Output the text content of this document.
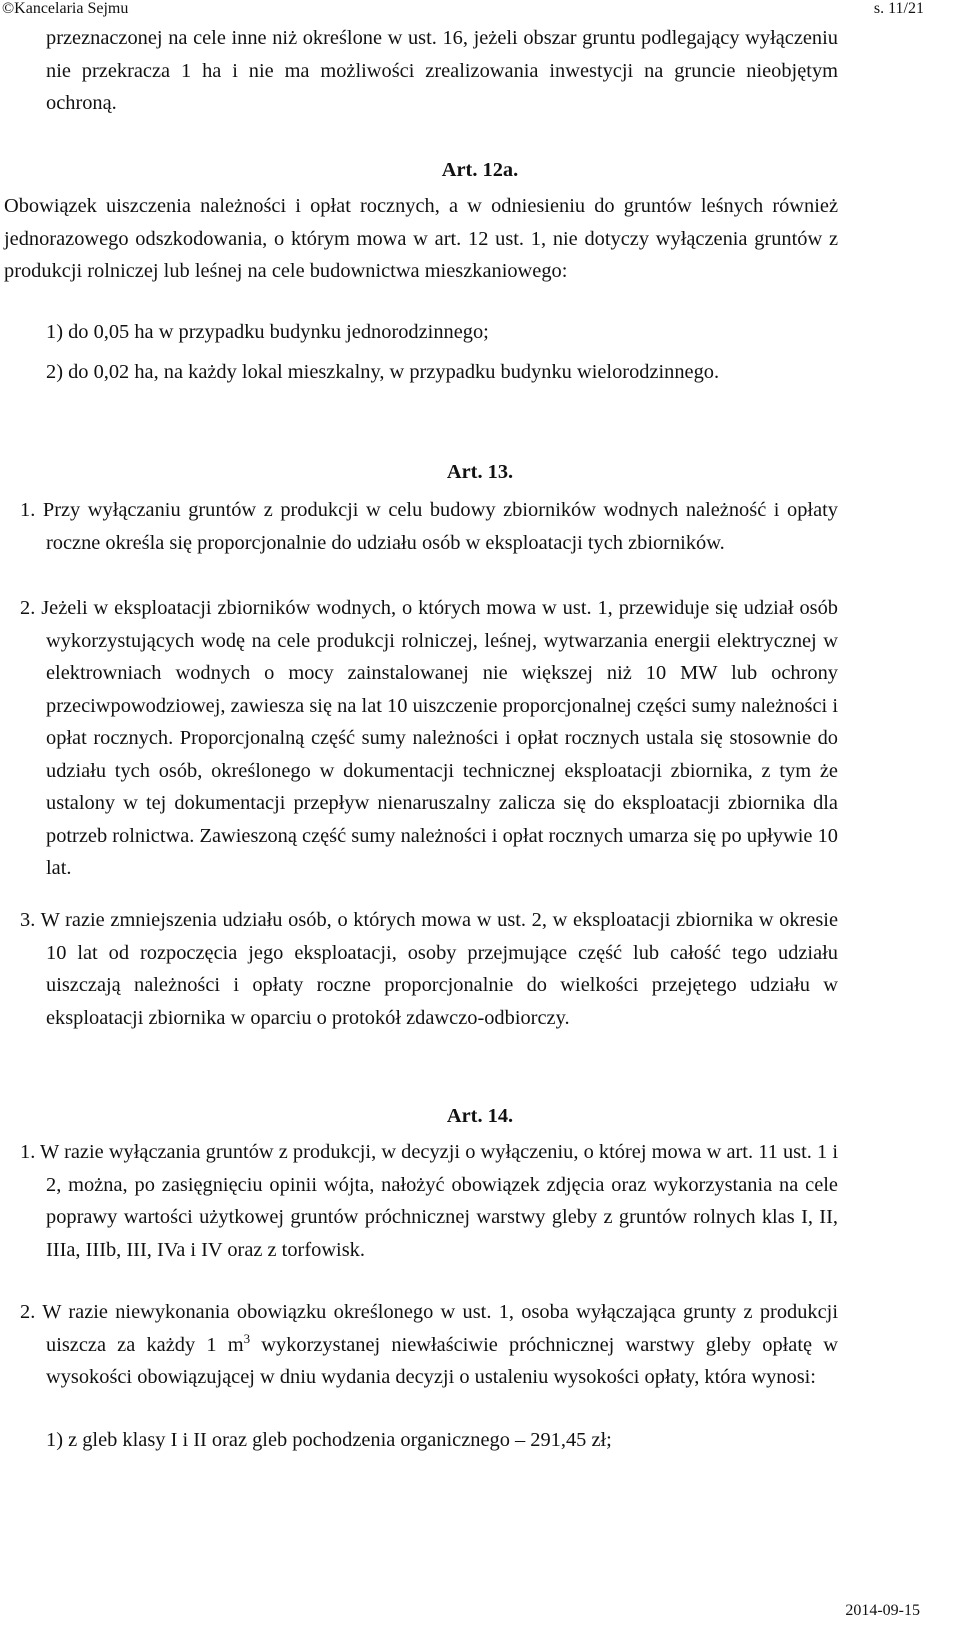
©Kancelaria Sejmu	s. 11/21
przeznaczonej na cele inne niż określone w ust. 16, jeżeli obszar gruntu podlegający wyłączeniu nie przekracza 1 ha i nie ma możliwości zrealizowania inwestycji na gruncie nieobjętym ochroną.
Art. 12a.
Obowiązek uiszczenia należności i opłat rocznych, a w odniesieniu do gruntów leśnych również jednorazowego odszkodowania, o którym mowa w art. 12 ust. 1, nie dotyczy wyłączenia gruntów z produkcji rolniczej lub leśnej na cele budownictwa mieszkaniowego:
1) do 0,05 ha w przypadku budynku jednorodzinnego;
2) do 0,02 ha, na każdy lokal mieszkalny, w przypadku budynku wielorodzinnego.
Art. 13.
1. Przy wyłączaniu gruntów z produkcji w celu budowy zbiorników wodnych należność i opłaty roczne określa się proporcjonalnie do udziału osób w eksploatacji tych zbiorników.
2. Jeżeli w eksploatacji zbiorników wodnych, o których mowa w ust. 1, przewiduje się udział osób wykorzystujących wodę na cele produkcji rolniczej, leśnej, wytwarzania energii elektrycznej w elektrowniach wodnych o mocy zainstalowanej nie większej niż 10 MW lub ochrony przeciwpowodziowej, zawiesza się na lat 10 uiszczenie proporcjonalnej części sumy należności i opłat rocznych. Proporcjonalną część sumy należności i opłat rocznych ustala się stosownie do udziału tych osób, określonego w dokumentacji technicznej eksploatacji zbiornika, z tym że ustalony w tej dokumentacji przepływ nienaruszalny zalicza się do eksploatacji zbiornika dla potrzeb rolnictwa. Zawieszoną część sumy należności i opłat rocznych umarza się po upływie 10 lat.
3. W razie zmniejszenia udziału osób, o których mowa w ust. 2, w eksploatacji zbiornika w okresie 10 lat od rozpoczęcia jego eksploatacji, osoby przejmujące część lub całość tego udziału uiszczają należności i opłaty roczne proporcjonalnie do wielkości przejętego udziału w eksploatacji zbiornika w oparciu o protokół zdawczo-odbiorczy.
Art. 14.
1. W razie wyłączania gruntów z produkcji, w decyzji o wyłączeniu, o której mowa w art. 11 ust. 1 i 2, można, po zasięgnięciu opinii wójta, nałożyć obowiązek zdjęcia oraz wykorzystania na cele poprawy wartości użytkowej gruntów próchnicznej warstwy gleby z gruntów rolnych klas I, II, IIIa, IIIb, III, IVa i IV oraz z torfowisk.
2. W razie niewykonania obowiązku określonego w ust. 1, osoba wyłączająca grunty z produkcji uiszcza za każdy 1 $m^3$ wykorzystanej niewłaściwie próchnicznej warstwy gleby opłatę w wysokości obowiązującej w dniu wydania decyzji o ustaleniu wysokości opłaty, która wynosi:
1) z gleb klasy I i II oraz gleb pochodzenia organicznego – 291,45 zł;
2014-09-15
